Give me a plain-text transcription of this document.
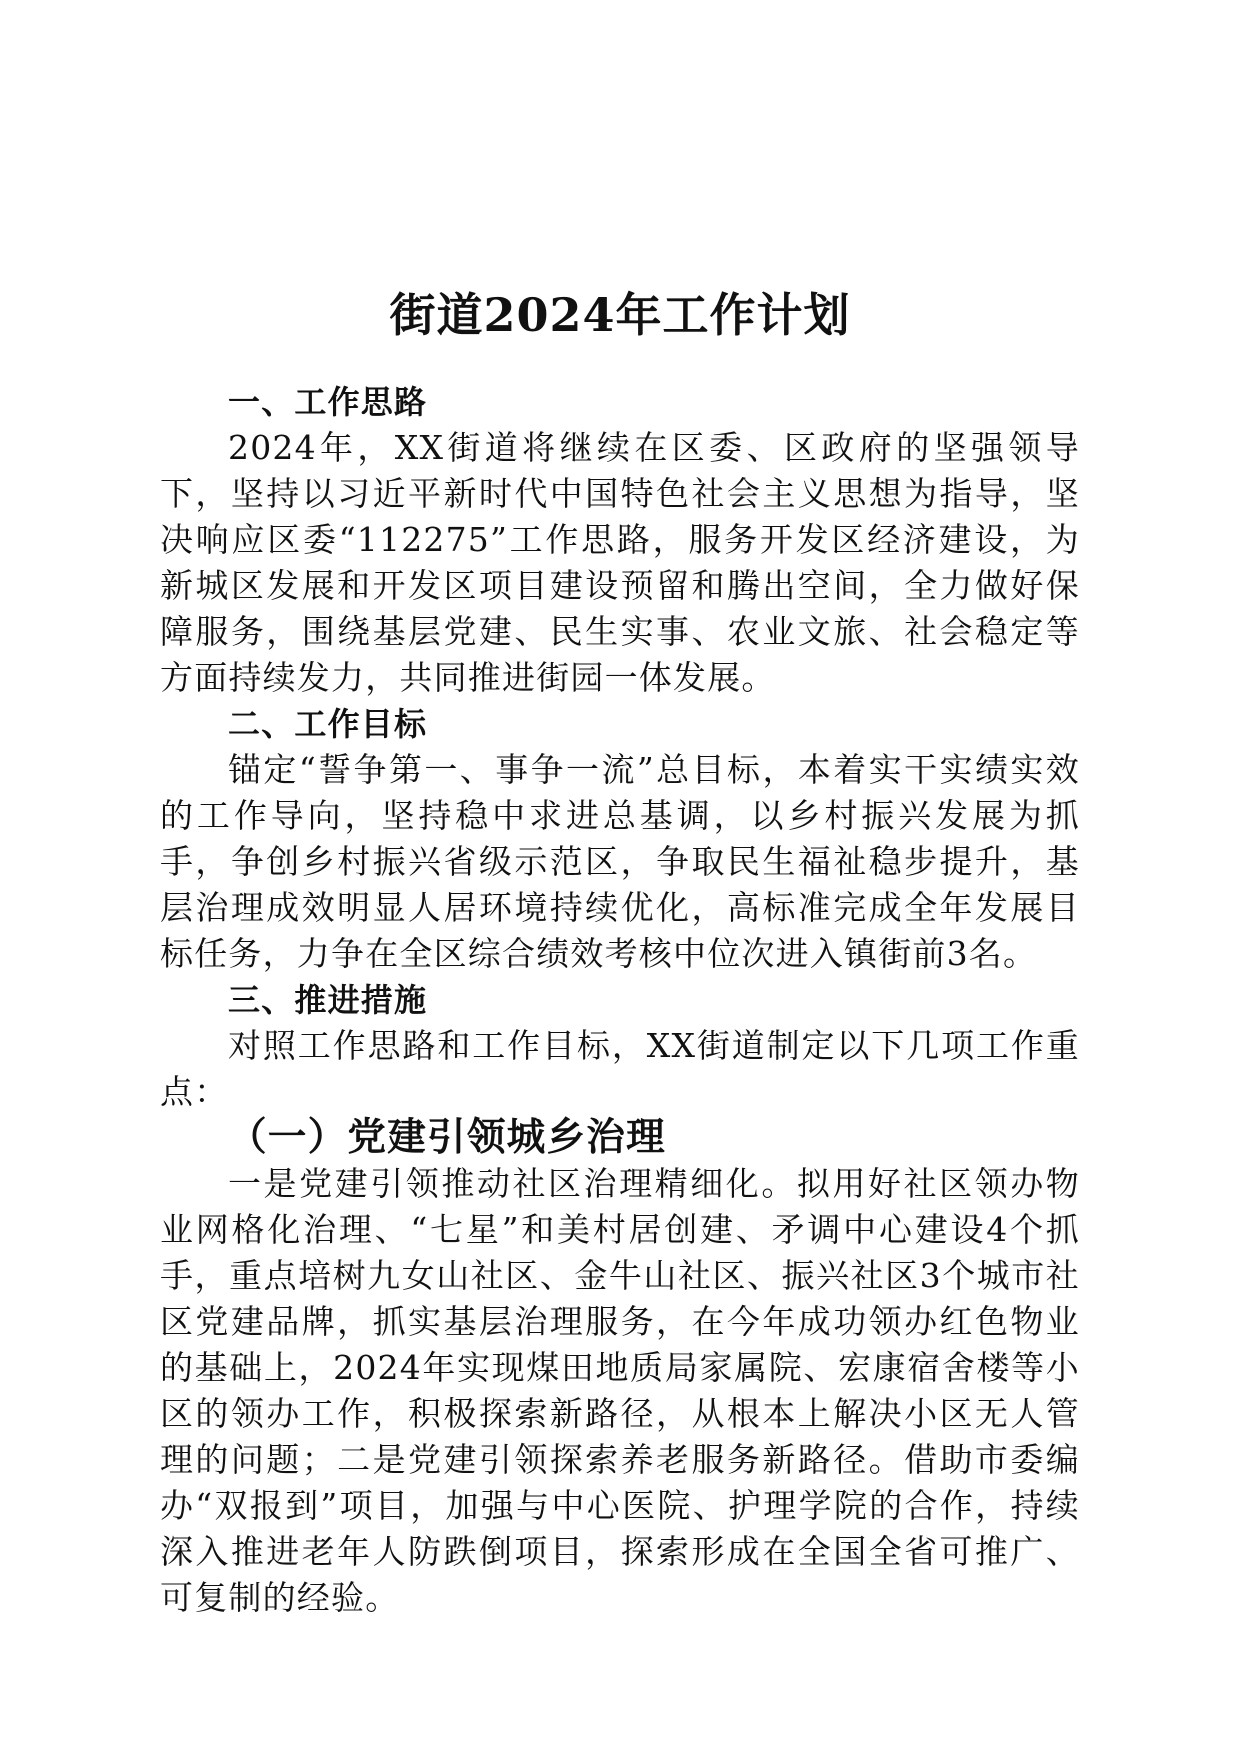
街道2024年工作计划
一、工作思路

2024年，XX街道将继续在区委、区政府的坚强领导下，坚持以习近平新时代中国特色社会主义思想为指导，坚决响应区委“112275”工作思路，服务开发区经济建设，为新城区发展和开发区项目建设预留和腾出空间，全力做好保障服务，围绕基层党建、民生实事、农业文旅、社会稳定等方面持续发力，共同推进街园一体发展。

二、工作目标

锚定“誓争第一、事争一流”总目标，本着实干实绩实效的工作导向，坚持稳中求进总基调，以乡村振兴发展为抓手，争创乡村振兴省级示范区，争取民生福祉稳步提升，基层治理成效明显人居环境持续优化，高标准完成全年发展目标任务，力争在全区综合绩效考核中位次进入镇街前3名。

三、推进措施

对照工作思路和工作目标，XX街道制定以下几项工作重点：

（一）党建引领城乡治理

一是党建引领推动社区治理精细化。拟用好社区领办物业网格化治理、“七星”和美村居创建、矛调中心建设4个抓手，重点培树九女山社区、金牛山社区、振兴社区3个城市社区党建品牌，抓实基层治理服务，在今年成功领办红色物业的基础上，2024年实现煤田地质局家属院、宏康宿舍楼等小区的领办工作，积极探索新路径，从根本上解决小区无人管理的问题；二是党建引领探索养老服务新路径。借助市委编办“双报到”项目，加强与中心医院、护理学院的合作，持续深入推进老年人防跌倒项目，探索形成在全国全省可推广、可复制的经验。
